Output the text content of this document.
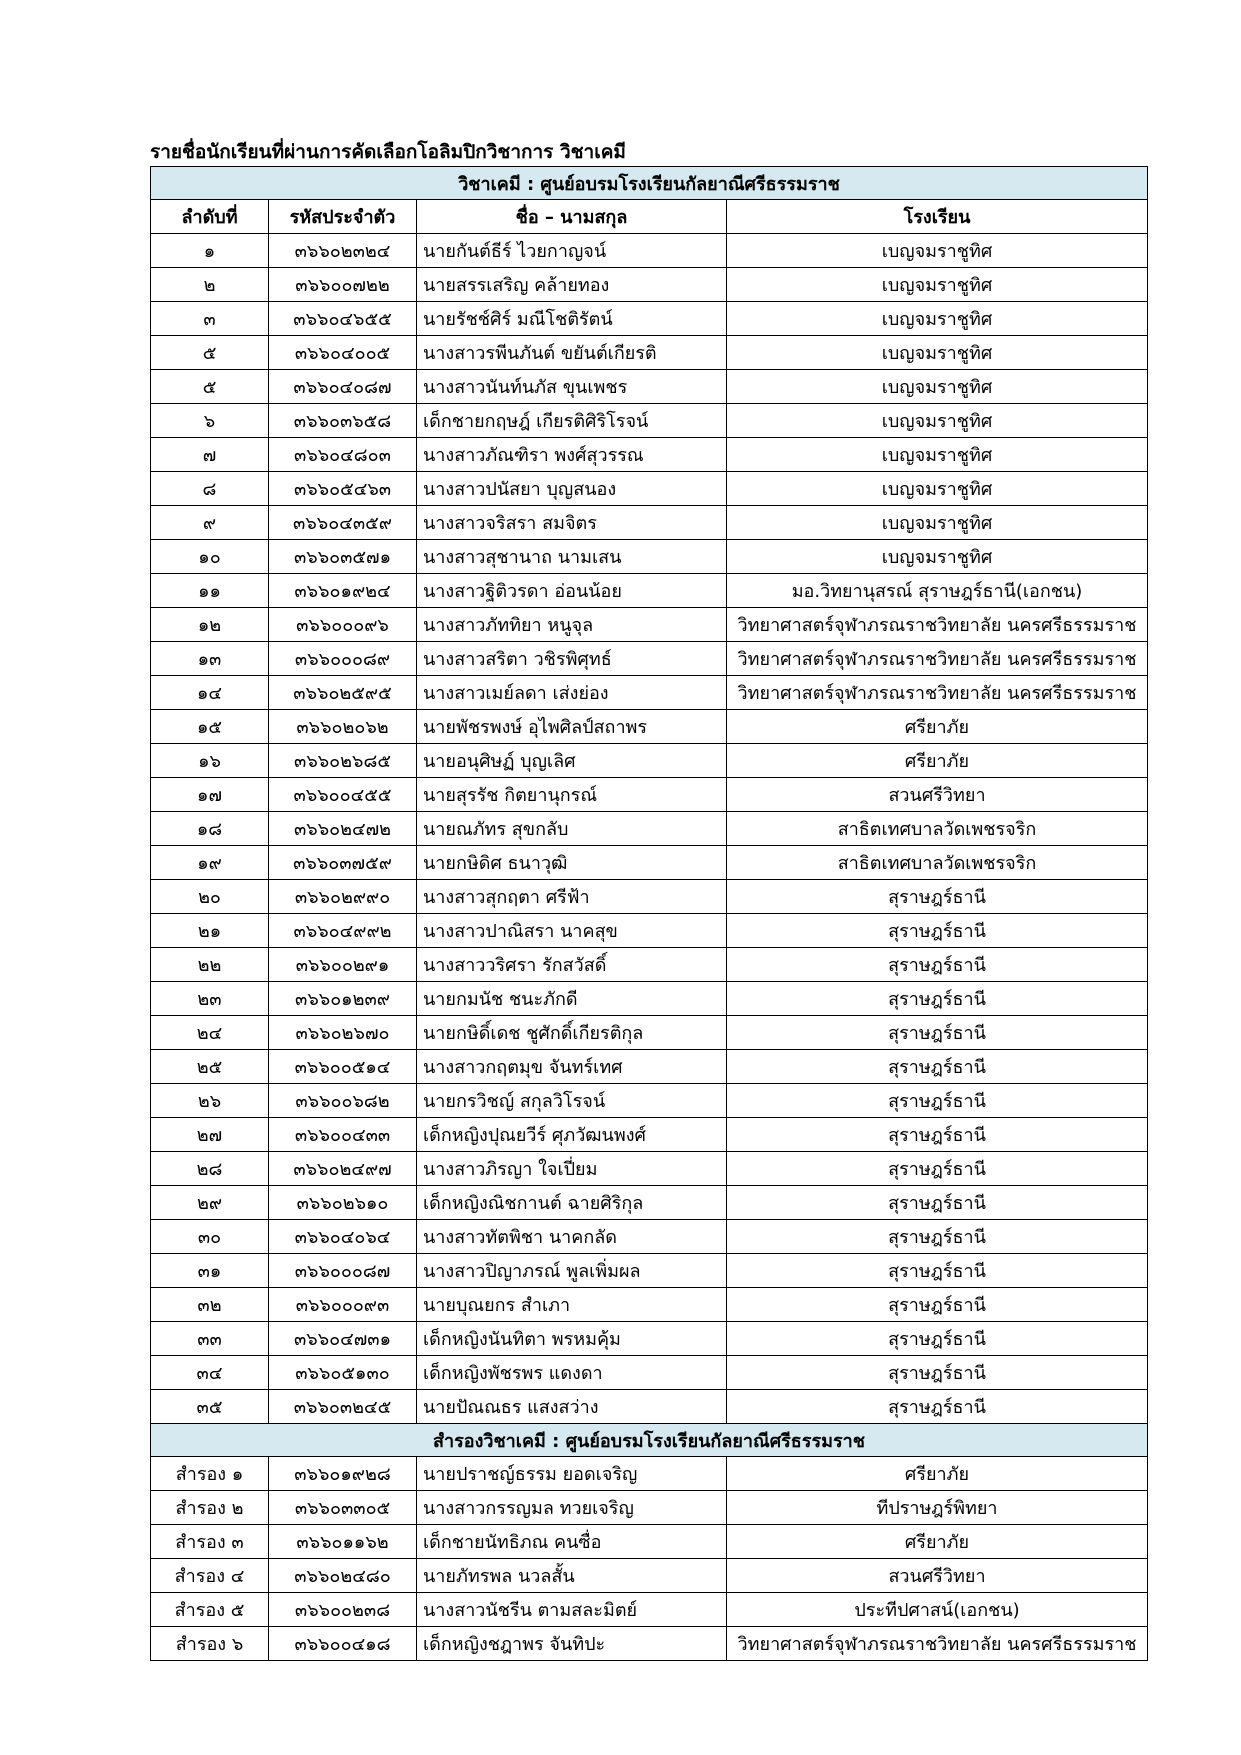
รายชื่อนักเรียนที่ผ่านการคัดเลือกโอลิมปิกวิชาการ วิชาเคมี
วิชาเคมี : ศูนย์อบรมโรงเรียนกัลยาณีศรีธรรมราช			
ลำดับที่	รหัสประจำตัว	ชื่อ – นามสกุล	โรงเรียน
๑	๓๖๖๐๒๓๒๔	นายกันต์ธีร์ ไวยกาญจน์	เบญจมราชูทิศ
๒	๓๖๖๐๐๗๒๒	นายสรรเสริญ คล้ายทอง	เบญจมราชูทิศ
๓	๓๖๖๐๔๖๕๕	นายรัชช์ศิร์ มณีโชติรัตน์	เบญจมราชูทิศ
๕	๓๖๖๐๔๐๐๕	นางสาวรพีนภันต์ ขยันต์เกียรติ	เบญจมราชูทิศ
๕	๓๖๖๐๔๐๘๗	นางสาวนันท์นภัส ขุนเพชร	เบญจมราชูทิศ
๖	๓๖๖๐๓๖๕๘	เด็กชายกฤษฎ์ เกียรติศิริโรจน์	เบญจมราชูทิศ
๗	๓๖๖๐๔๘๐๓	นางสาวภัณฑิรา พงศ์สุวรรณ	เบญจมราชูทิศ
๘	๓๖๖๐๕๔๖๓	นางสาวปนัสยา บุญสนอง	เบญจมราชูทิศ
๙	๓๖๖๐๔๓๕๙	นางสาวจริสรา สมจิตร	เบญจมราชูทิศ
๑๐	๓๖๖๐๓๕๗๑	นางสาวสุชานาถ นามเสน	เบญจมราชูทิศ
๑๑	๓๖๖๐๑๙๒๔	นางสาวฐิติวรดา อ่อนน้อย	มอ.วิทยานุสรณ์ สุราษฎร์ธานี(เอกชน)
๑๒	๓๖๖๐๐๐๙๖	นางสาวภัททิยา หนูจุล	วิทยาศาสตร์จุฬาภรณราชวิทยาลัย นครศรีธรรมราช
๑๓	๓๖๖๐๐๐๘๙	นางสาวสริตา วชิรพิศุทธ์	วิทยาศาสตร์จุฬาภรณราชวิทยาลัย นครศรีธรรมราช
๑๔	๓๖๖๐๒๕๙๕	นางสาวเมย์ลดา เส่งย่อง	วิทยาศาสตร์จุฬาภรณราชวิทยาลัย นครศรีธรรมราช
๑๕	๓๖๖๐๒๐๖๒	นายพัชรพงษ์ อุไพศิลป์สถาพร	ศรียาภัย
๑๖	๓๖๖๐๒๖๘๕	นายอนุศิษฏ์ บุญเลิศ	ศรียาภัย
๑๗	๓๖๖๐๐๔๕๕	นายสุรรัช กิตยานุกรณ์	สวนศรีวิทยา
๑๘	๓๖๖๐๒๔๗๒	นายณภัทร สุขกลับ	สาธิตเทศบาลวัดเพชรจริก
๑๙	๓๖๖๐๓๗๕๙	นายกษิดิศ ธนาวุฒิ	สาธิตเทศบาลวัดเพชรจริก
๒๐	๓๖๖๐๒๙๙๐	นางสาวสุกฤตา ศรีฟ้า	สุราษฎร์ธานี
๒๑	๓๖๖๐๔๙๙๒	นางสาวปาณิสรา นาคสุข	สุราษฎร์ธานี
๒๒	๓๖๖๐๐๒๙๑	นางสาววริศรา รักสวัสดิ์	สุราษฎร์ธานี
๒๓	๓๖๖๐๑๒๓๙	นายกมนัช ชนะภักดี	สุราษฎร์ธานี
๒๔	๓๖๖๐๒๖๗๐	นายกษิดิ์เดช ชูศักดิ์เกียรติกุล	สุราษฎร์ธานี
๒๕	๓๖๖๐๐๕๑๔	นางสาวกฤตมุข จันทร์เทศ	สุราษฎร์ธานี
๒๖	๓๖๖๐๐๖๘๒	นายกรวิชญ์ สกุลวิโรจน์	สุราษฎร์ธานี
๒๗	๓๖๖๐๐๔๓๓	เด็กหญิงปุณยวีร์ ศุภวัฒนพงศ์	สุราษฎร์ธานี
๒๘	๓๖๖๐๒๔๙๗	นางสาวภิรญา ใจเปี่ยม	สุราษฎร์ธานี
๒๙	๓๖๖๐๒๖๑๐	เด็กหญิงณิชกานต์ ฉายศิริกุล	สุราษฎร์ธานี
๓๐	๓๖๖๐๔๐๖๔	นางสาวทัตพิชา นาคกลัด	สุราษฎร์ธานี
๓๑	๓๖๖๐๐๐๘๗	นางสาวปิญาภรณ์ พูลเพิ่มผล	สุราษฎร์ธานี
๓๒	๓๖๖๐๐๐๙๓	นายบุณยกร สำเภา	สุราษฎร์ธานี
๓๓	๓๖๖๐๔๗๓๑	เด็กหญิงนันทิตา พรหมคุ้ม	สุราษฎร์ธานี
๓๔	๓๖๖๐๕๑๓๐	เด็กหญิงพัชรพร แดงดา	สุราษฎร์ธานี
๓๕	๓๖๖๐๓๒๔๕	นายปัณณธร แสงสว่าง	สุราษฎร์ธานี
สำรองวิชาเคมี : ศูนย์อบรมโรงเรียนกัลยาณีศรีธรรมราช			
สำรอง ๑	๓๖๖๐๑๙๒๘	นายปราชญ์ธรรม ยอดเจริญ	ศรียาภัย
สำรอง ๒	๓๖๖๐๓๓๐๕	นางสาวกรรญมล ทวยเจริญ	ทีปราษฎร์พิทยา
สำรอง ๓	๓๖๖๐๑๑๖๒	เด็กชายนัทธิภณ คนซื่อ	ศรียาภัย
สำรอง ๔	๓๖๖๐๒๔๘๐	นายภัทรพล นวลสั้น	สวนศรีวิทยา
สำรอง ๕	๓๖๖๐๐๒๓๘	นางสาวนัชรีน ตามสละมิตย์	ประทีปศาสน์(เอกชน)
สำรอง ๖	๓๖๖๐๐๔๑๘	เด็กหญิงชฎาพร จันทิปะ	วิทยาศาสตร์จุฬาภรณราชวิทยาลัย นครศรีธรรมราช
